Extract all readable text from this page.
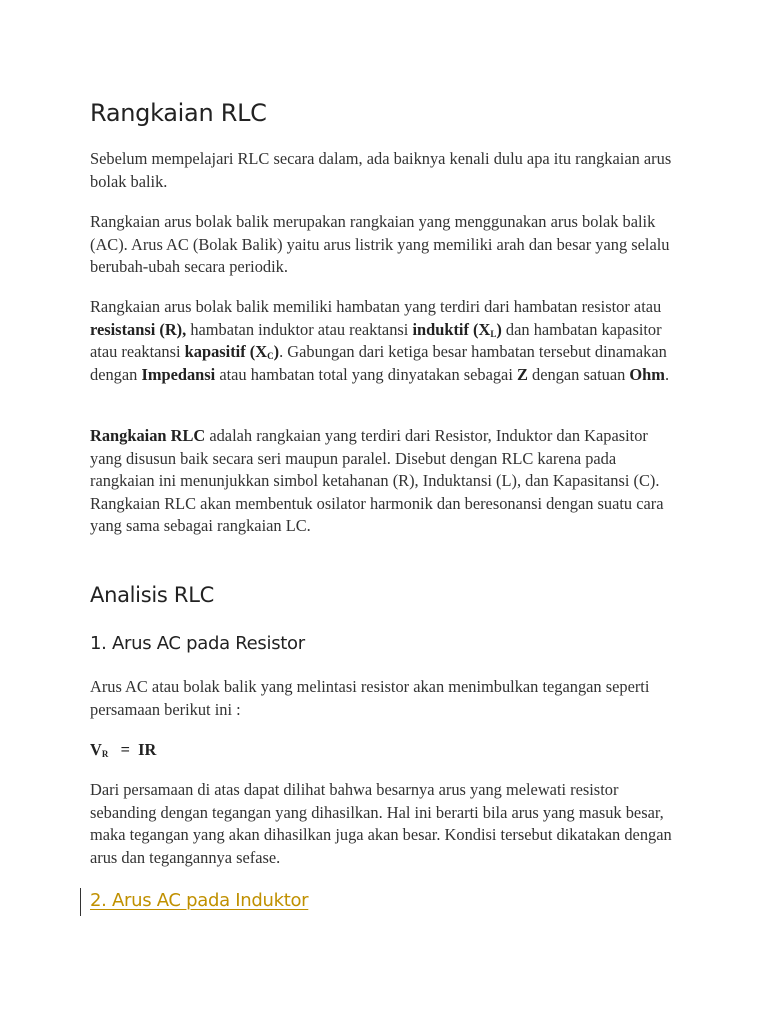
Rangkaian RLC

Sebelum mempelajari RLC secara dalam, ada baiknya kenali dulu apa itu rangkaian arus bolak balik.

Rangkaian arus bolak balik merupakan rangkaian yang menggunakan arus bolak balik (AC). Arus AC (Bolak Balik) yaitu arus listrik yang memiliki arah dan besar yang selalu berubah-ubah secara periodik.

Rangkaian arus bolak balik memiliki hambatan yang terdiri dari hambatan resistor atau resistansi (R), hambatan induktor atau reaktansi induktif $(X_L)$ dan hambatan kapasitor atau reaktansi kapasitif $(X_C)$. Gabungan dari ketiga besar hambatan tersebut dinamakan dengan Impedansi atau hambatan total yang dinyatakan sebagai Z dengan satuan Ohm.

Rangkaian RLC adalah rangkaian yang terdiri dari Resistor, Induktor dan Kapasitor yang disusun baik secara seri maupun paralel. Disebut dengan RLC karena pada rangkaian ini menunjukkan simbol ketahanan (R), Induktansi (L), dan Kapasitansi (C). Rangkaian RLC akan membentuk osilator harmonik dan beresonansi dengan suatu cara yang sama sebagai rangkaian LC.

Analisis RLC
1. Arus AC pada Resistor

Arus AC atau bolak balik yang melintasi resistor akan menimbulkan tegangan seperti persamaan berikut ini :

$V_R$   =  IR

Dari persamaan di atas dapat dilihat bahwa besarnya arus yang melewati resistor sebanding dengan tegangan yang dihasilkan. Hal ini berarti bila arus yang masuk besar, maka tegangan yang akan dihasilkan juga akan besar. Kondisi tersebut dikatakan dengan arus dan tegangannya sefase.

2. Arus AC pada Induktor
